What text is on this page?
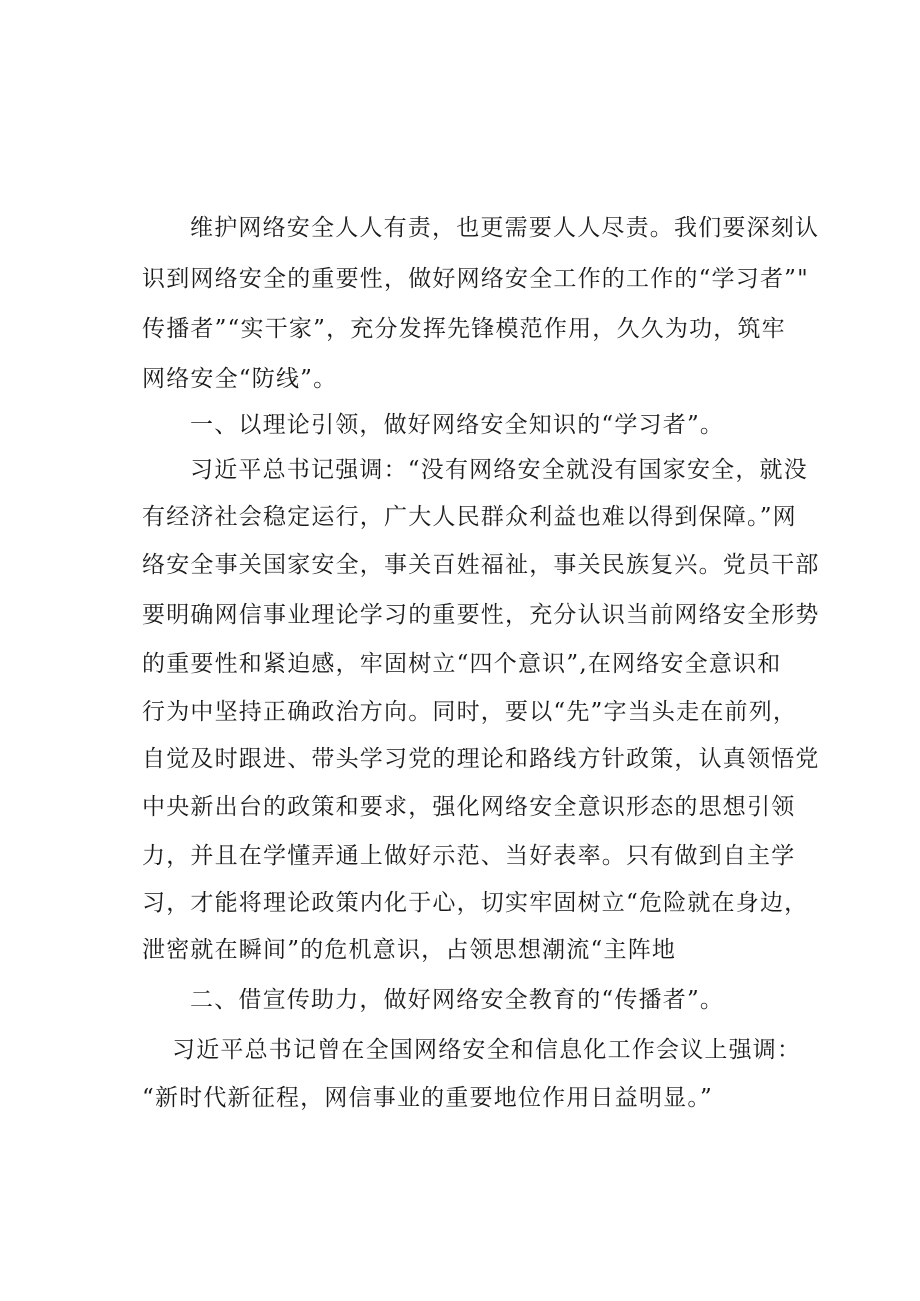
维护网络安全人人有责，也更需要人人尽责。我们要深刻认

识到网络安全的重要性，做好网络安全工作的工作的“学习者”"

传播者”“实干家”，充分发挥先锋模范作用，久久为功，筑牢

网络安全“防线”。

一、以理论引领，做好网络安全知识的“学习者”。

习近平总书记强调：“没有网络安全就没有国家安全，就没

有经济社会稳定运行，广大人民群众利益也难以得到保障。”网

络安全事关国家安全，事关百姓福祉，事关民族复兴。党员干部

要明确网信事业理论学习的重要性，充分认识当前网络安全形势

的重要性和紧迫感，牢固树立“四个意识”,在网络安全意识和

行为中坚持正确政治方向。同时，要以“先”字当头走在前列，

自觉及时跟进、带头学习党的理论和路线方针政策，认真领悟党

中央新出台的政策和要求，强化网络安全意识形态的思想引领

力，并且在学懂弄通上做好示范、当好表率。只有做到自主学

习，才能将理论政策内化于心，切实牢固树立“危险就在身边，

泄密就在瞬间”的危机意识，占领思想潮流“主阵地

二、借宣传助力，做好网络安全教育的“传播者”。

习近平总书记曾在全国网络安全和信息化工作会议上强调：

“新时代新征程，网信事业的重要地位作用日益明显。”
